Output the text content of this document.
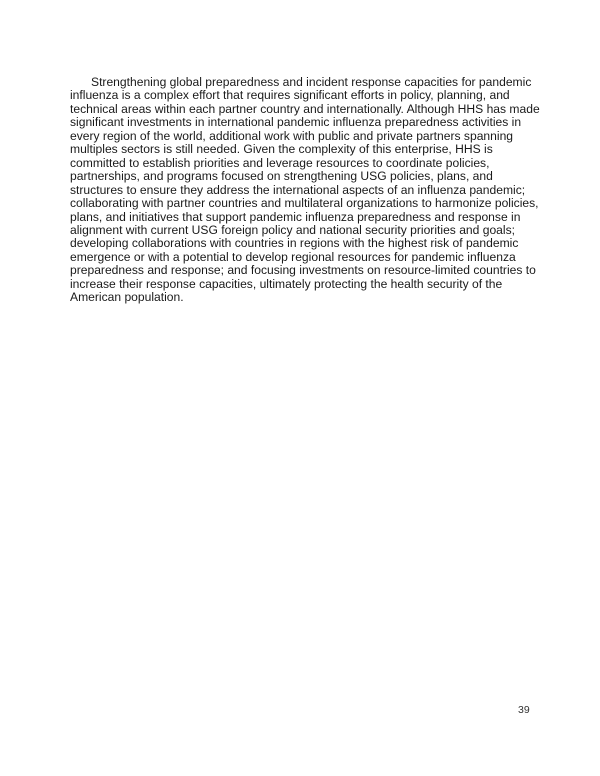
Strengthening global preparedness and incident response capacities for pandemic
influenza is a complex effort that requires significant efforts in policy, planning, and
technical areas within each partner country and internationally. Although HHS has made
significant investments in international pandemic influenza preparedness activities in
every region of the world, additional work with public and private partners spanning
multiples sectors is still needed. Given the complexity of this enterprise, HHS is
committed to establish priorities and leverage resources to coordinate policies,
partnerships, and programs focused on strengthening USG policies, plans, and
structures to ensure they address the international aspects of an influenza pandemic;
collaborating with partner countries and multilateral organizations to harmonize policies,
plans, and initiatives that support pandemic influenza preparedness and response in
alignment with current USG foreign policy and national security priorities and goals;
developing collaborations with countries in regions with the highest risk of pandemic
emergence or with a potential to develop regional resources for pandemic influenza
preparedness and response; and focusing investments on resource-limited countries to
increase their response capacities, ultimately protecting the health security of the
American population.
39
